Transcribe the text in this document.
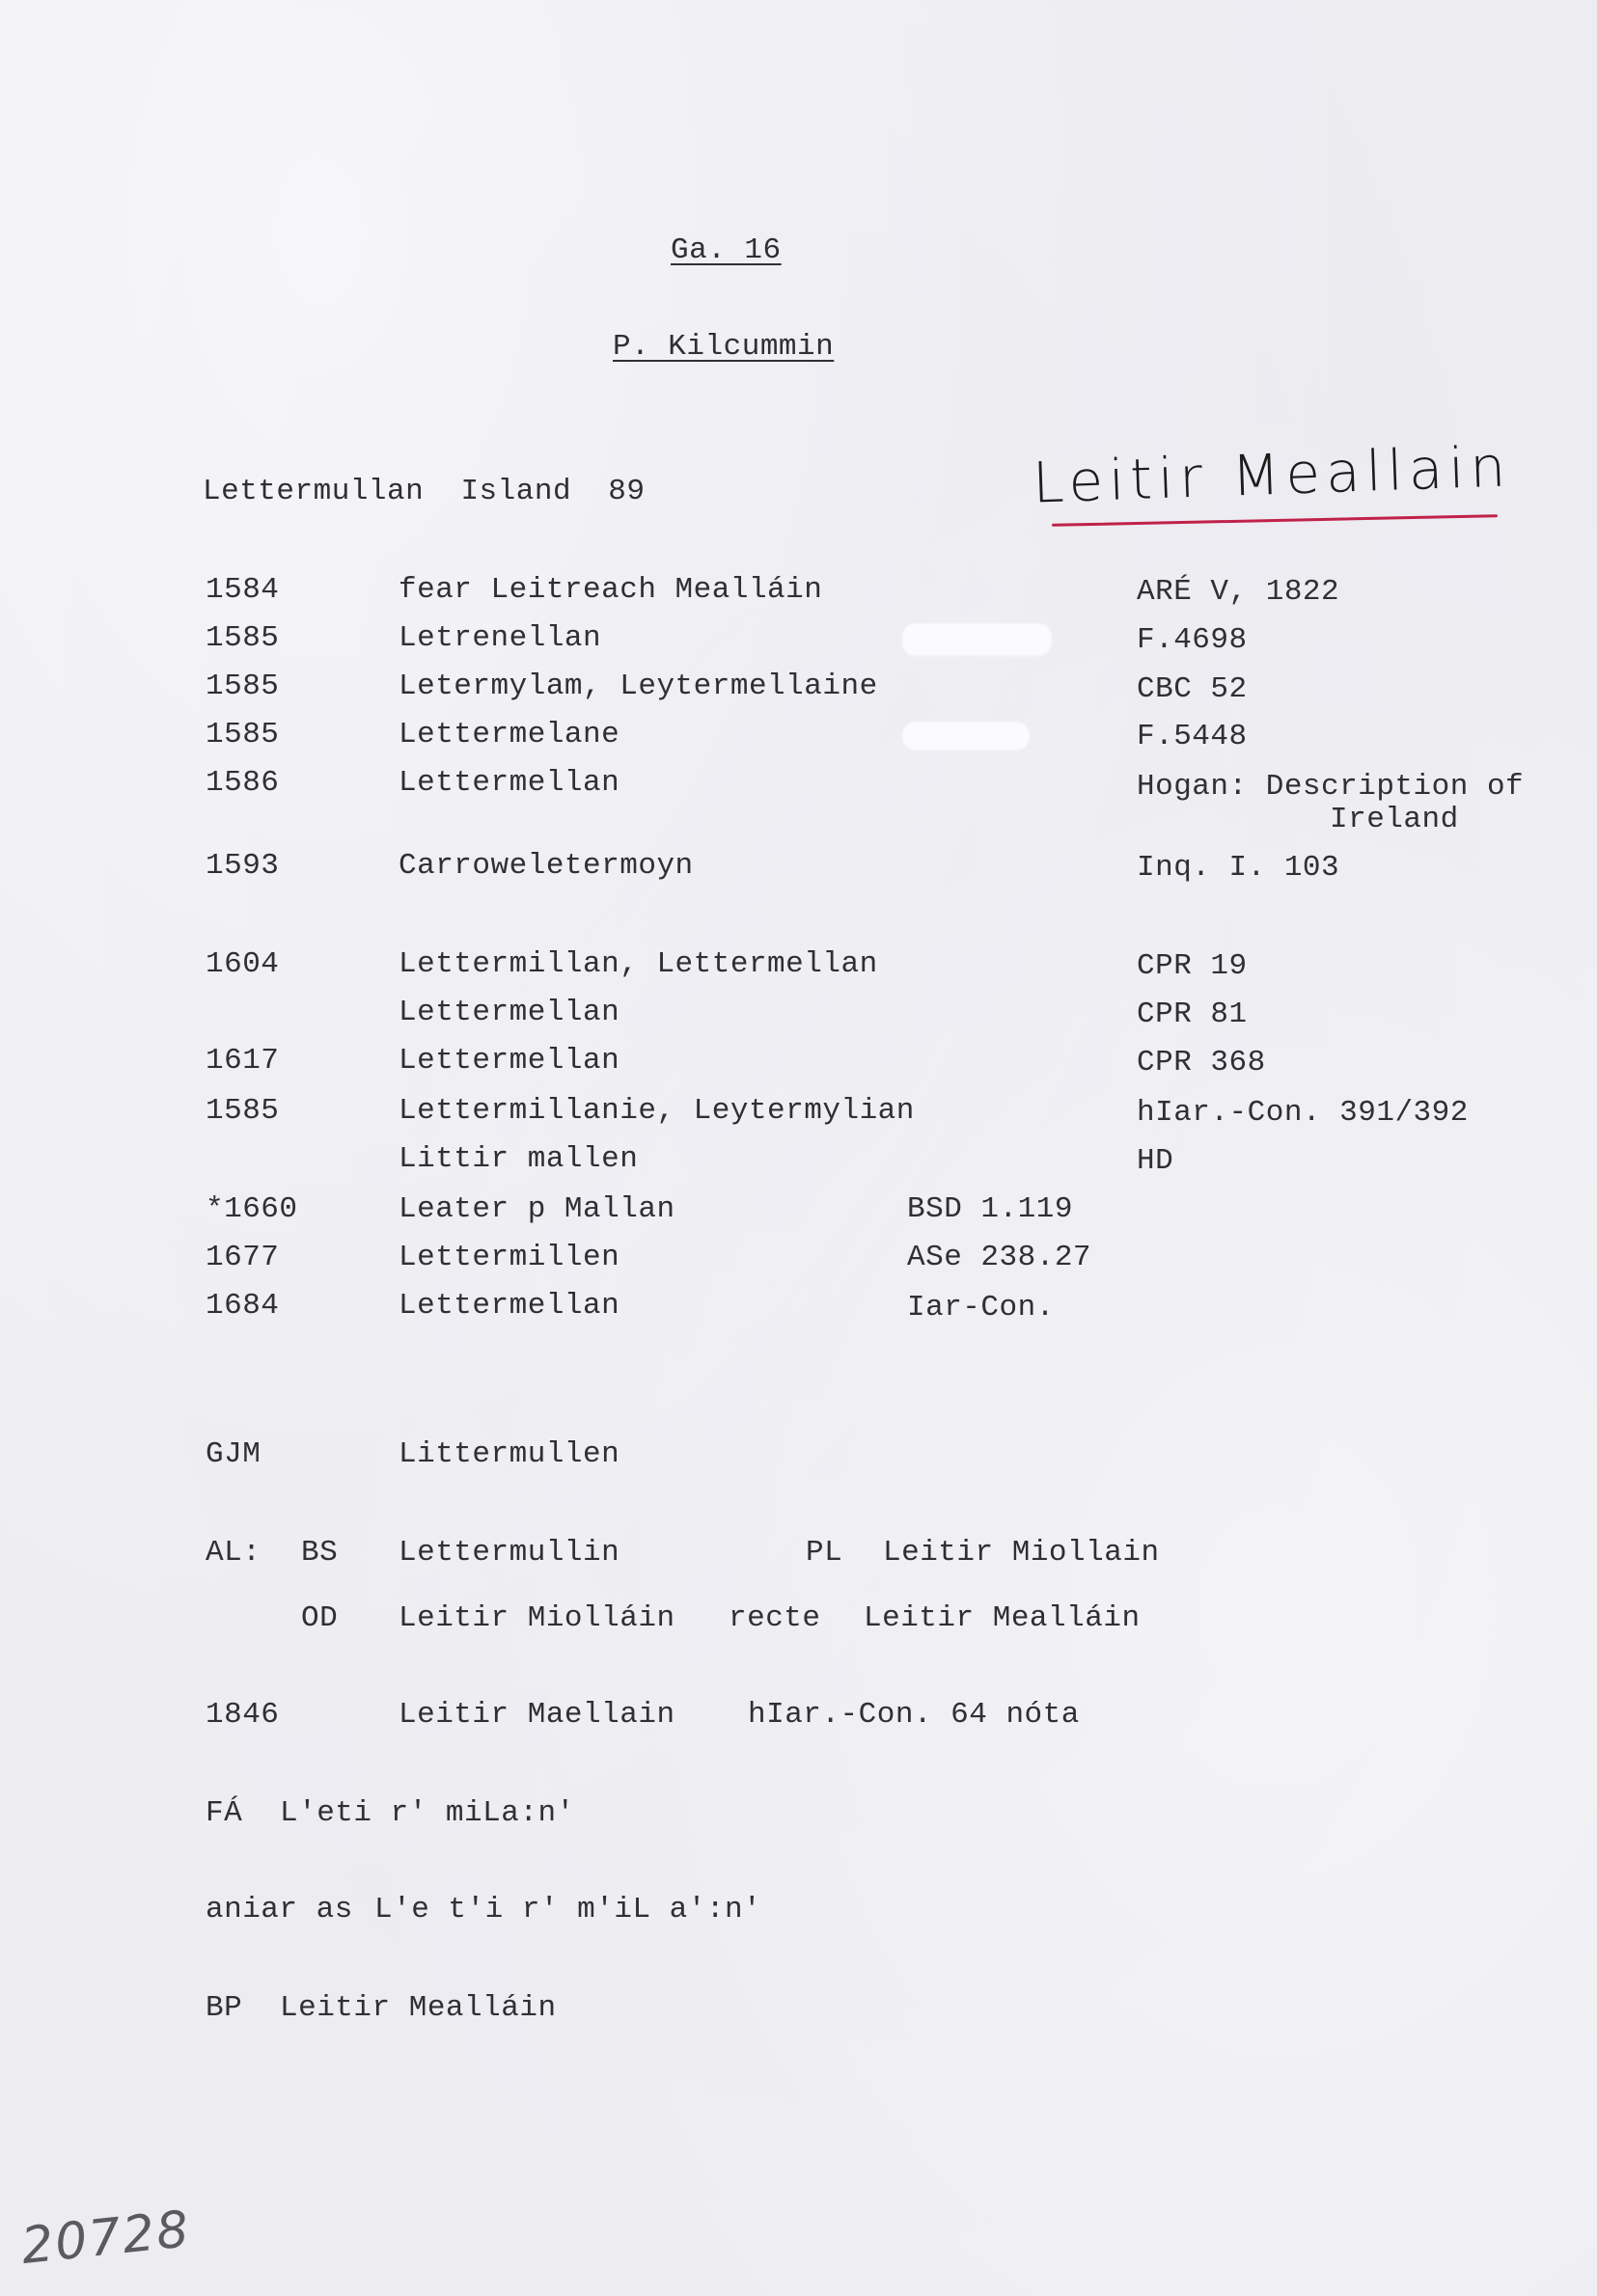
Ga. 16
P. Kilcummin
Lettermullan  Island  89	Leitir Meallain
1584	fear Leitreach Mealláin	ARÉ V, 1822
1585	Letrenellan	F.4698
1585	Letermylam, Leytermellaine	CBC 52
1585	Lettermelane	F.5448
1586	Lettermellan	Hogan: Description of
Ireland
1593	Carroweletermoyn	Inq. I. 103
1604	Lettermillan, Lettermellan	CPR 19
Lettermellan	CPR 81
1617	Lettermellan	CPR 368
1585	Lettermillanie, Leytermylian	hIar.-Con. 391/392
Littir mallen	HD
*1660	Leater p Mallan	BSD 1.119
1677	Lettermillen	ASe 238.27
1684	Lettermellan	Iar-Con.
GJM	Littermullen
AL: BS Lettermullin	PL Leitir Miollain
OD Leitir Miolláin recte Leitir Mealláin
1846	Leitir Maellain hIar.-Con. 64 nóta
FÁ L′eti r′ miLa:n′
aniar as L′e t′i r′ m′iL a′:n′
BP Leitir Mealláin
20728
